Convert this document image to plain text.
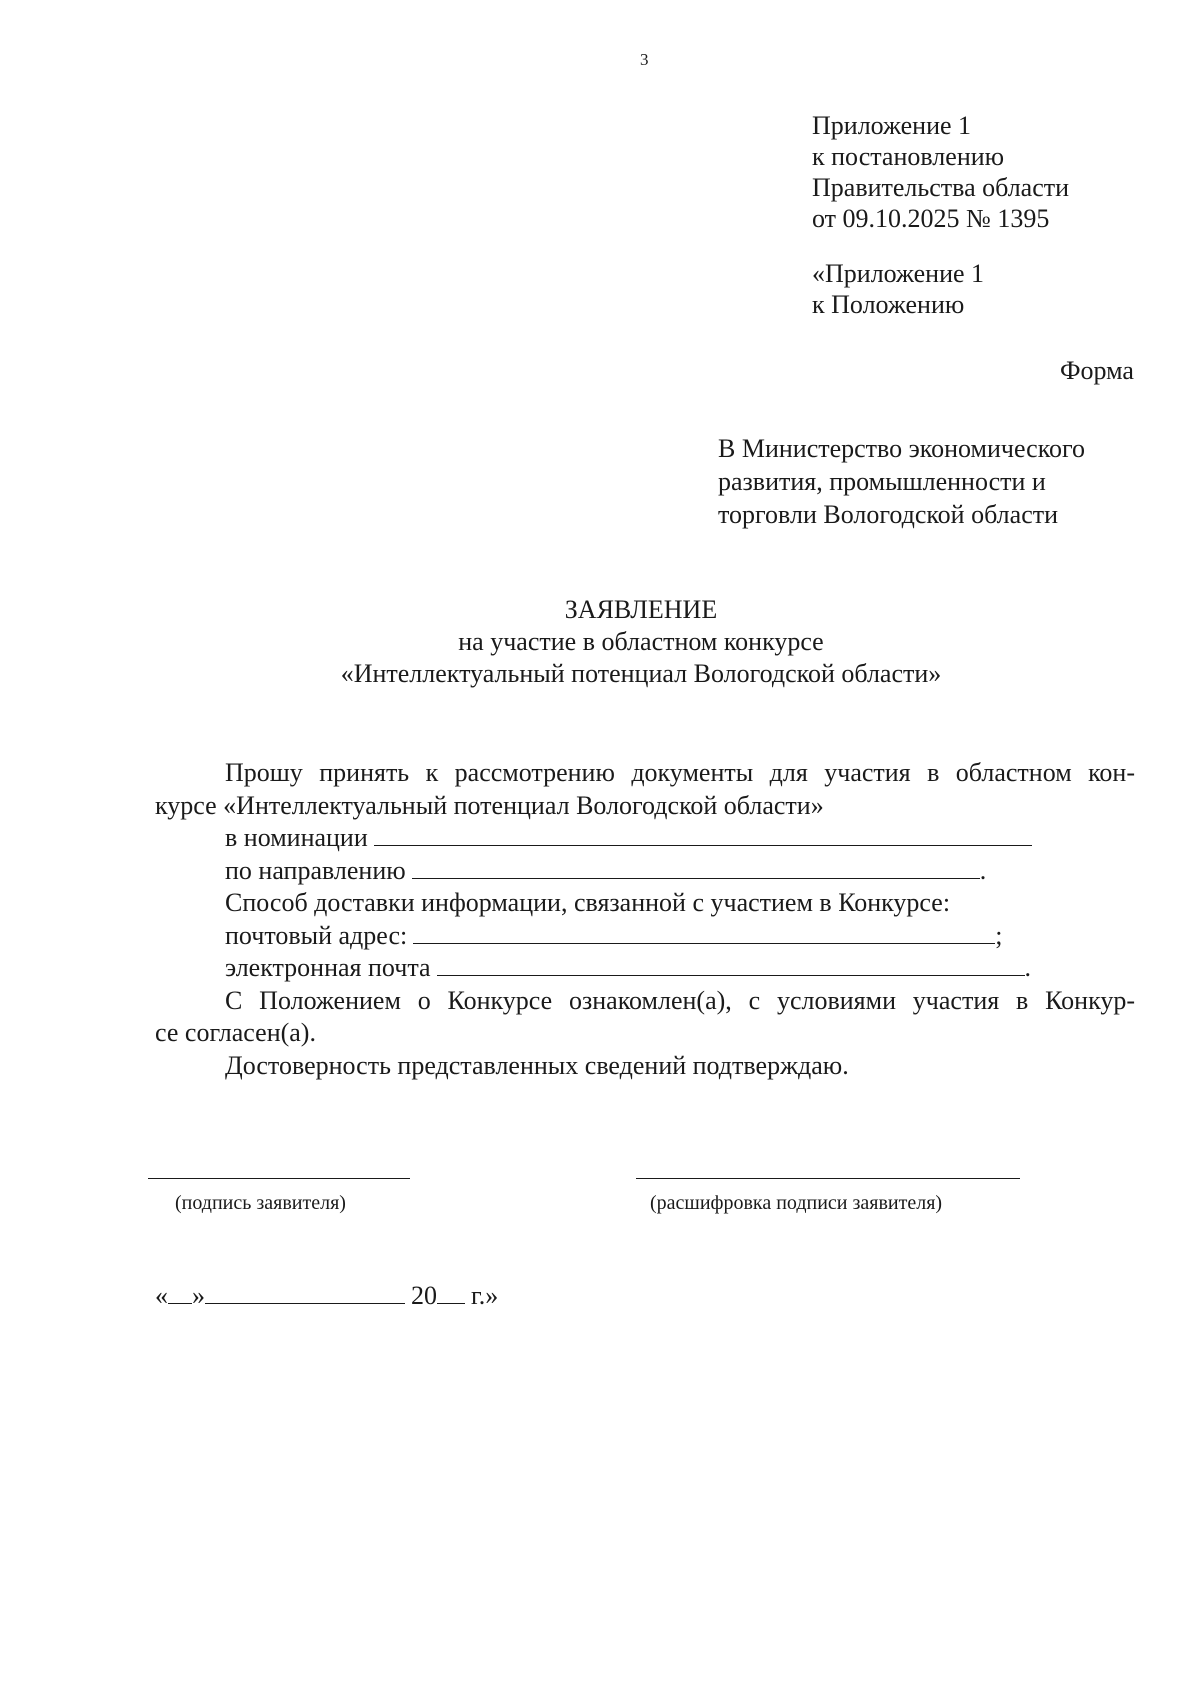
3
Приложение 1
к постановлению
Правительства области
от 09.10.2025 № 1395
«Приложение 1
к Положению
Форма
В Министерство экономического
развития, промышленности и
торговли Вологодской области
ЗАЯВЛЕНИЕ
на участие в областном конкурсе
«Интеллектуальный потенциал Вологодской области»

Прошу принять к рассмотрению документы для участия в областном кон-

курсе «Интеллектуальный потенциал Вологодской области»

в номинации
по направлению	.
Способ доставки информации, связанной с участием в Конкурсе:
почтовый адрес:	;
электронная почта	.

С Положением о Конкурсе ознакомлен(а), с условиями участия в Конкур-

се согласен(а).

Достоверность представленных сведений подтверждаю.

(подпись заявителя)	(расшифровка подписи заявителя)
« »	20 г.»
